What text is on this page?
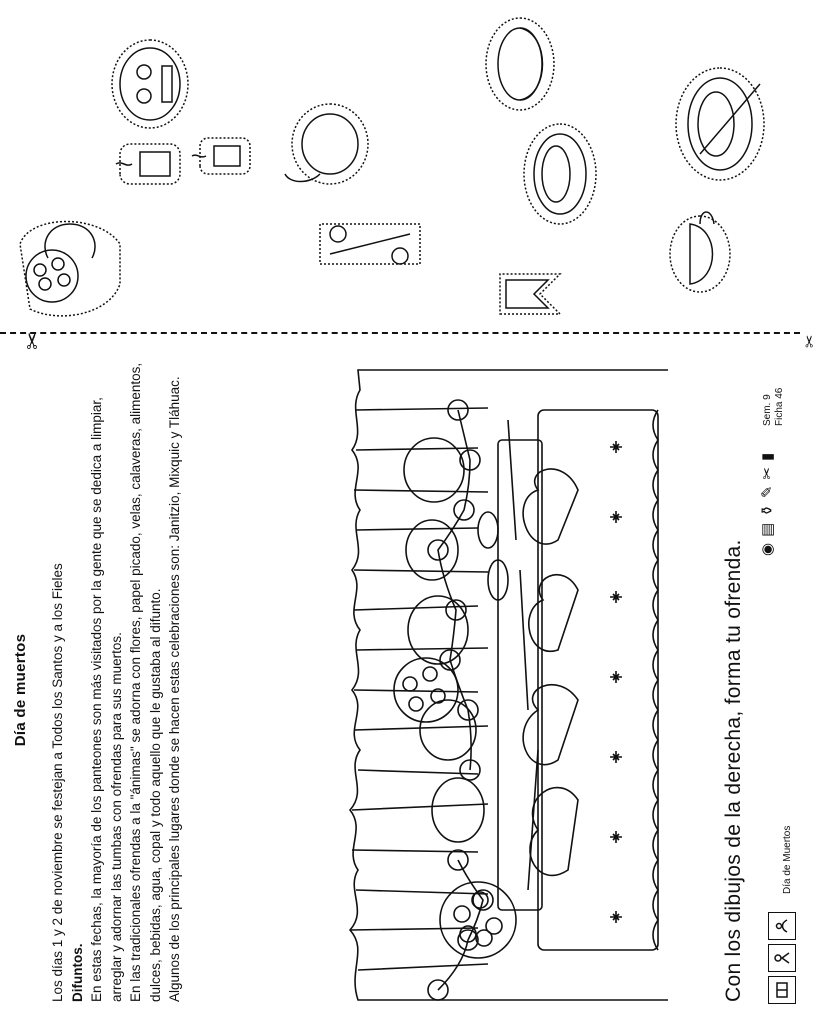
Día de muertos Los días 1 y 2 de noviembre se festejan a Todos los Santos y a los Fieles Difuntos. En estas fechas, la mayoría de los panteones son más visitados por la gente que se dedica a limpiar, arreglar y adornar las tumbas con ofrendas para sus muertos. En las tradicionales ofrendas a la "ánimas" se adorna con flores, papel picado, velas, calaveras, alimentos, dulces, bebidas, agua, copal y todo aquello que le gustaba al difunto. Algunos de los principales lugares donde se hacen estas celebraciones son: Janitzio, Mixquic y Tláhuac.	Con los dibujos de la derecha, forma tu ofrenda.	Día de Muertos
◉
▤
⚱
✎
✂
▮
Sem. 9
Ficha 46
✂	✂
